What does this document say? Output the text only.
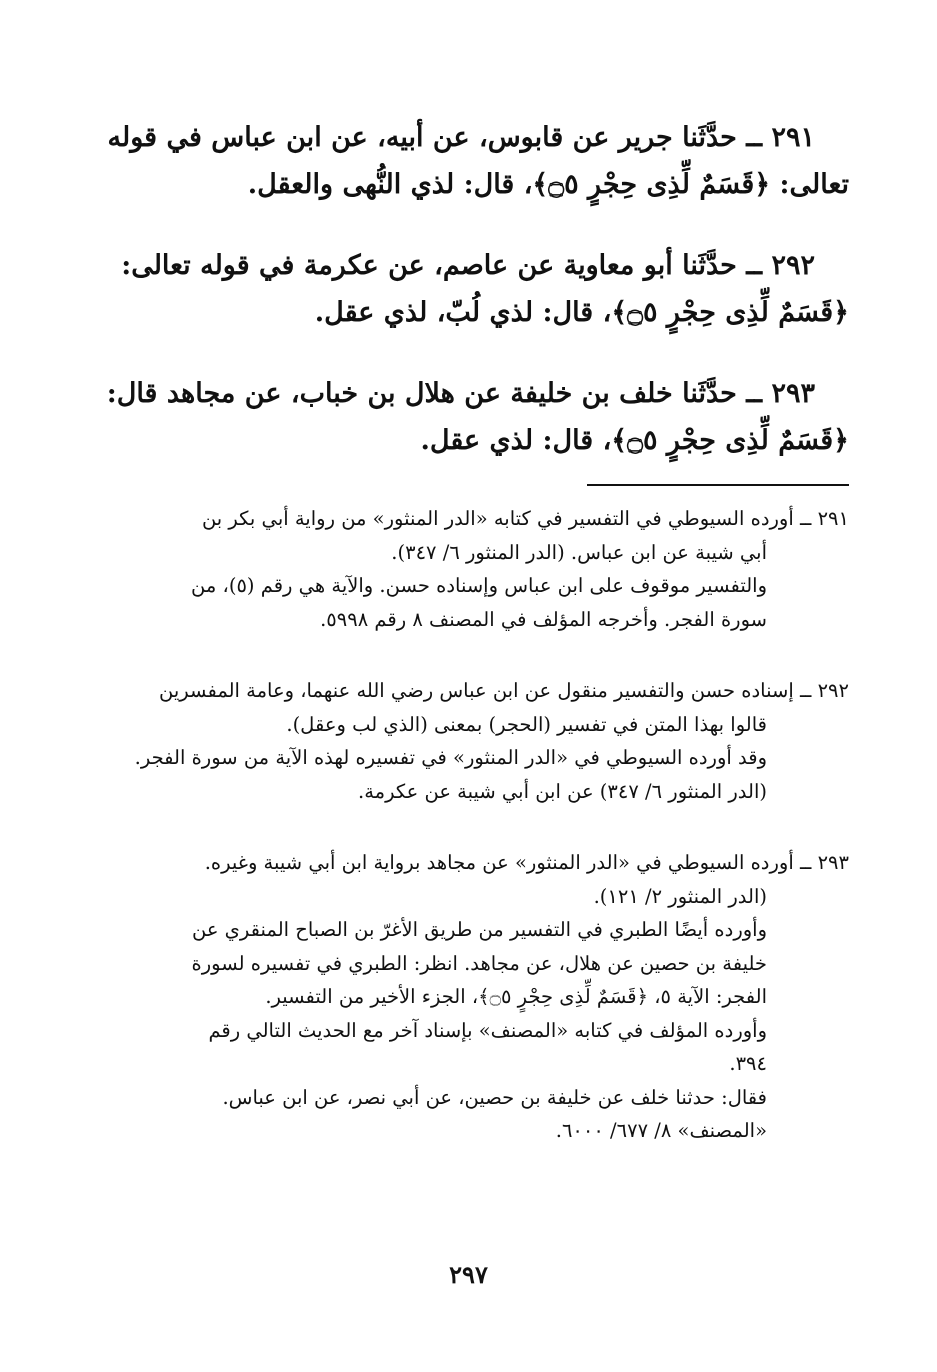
٢٩١ ــ حدَّثَنا جرير عن قابوس، عن أبيه، عن ابن عباس في قوله
تعالى: ﴿قَسَمٌ لِّذِى حِجْرٍ ۝٥﴾، قال: لذي النُّهى والعقل.
٢٩٢ ــ حدَّثَنا أبو معاوية عن عاصم، عن عكرمة في قوله تعالى:
﴿قَسَمٌ لِّذِى حِجْرٍ ۝٥﴾، قال: لذي لُبّ، لذي عقل.
٢٩٣ ــ حدَّثَنا خلف بن خليفة عن هلال بن خباب، عن مجاهد قال:
﴿قَسَمٌ لِّذِى حِجْرٍ ۝٥﴾، قال: لذي عقل.
٢٩١ ــ أورده السيوطي في التفسير في كتابه «الدر المنثور» من رواية أبي بكر بن
أبي شيبة عن ابن عباس. (الدر المنثور ٦/ ٣٤٧).
والتفسير موقوف على ابن عباس وإسناده حسن. والآية هي رقم (٥)، من
سورة الفجر. وأخرجه المؤلف في المصنف ٨ رقم ٥٩٩٨.
٢٩٢ ــ إسناده حسن والتفسير منقول عن ابن عباس رضي الله عنهما، وعامة المفسرين
قالوا بهذا المتن في تفسير (الحجر) بمعنى (الذي لب وعقل).
وقد أورده السيوطي في «الدر المنثور» في تفسيره لهذه الآية من سورة الفجر.
(الدر المنثور ٦/ ٣٤٧) عن ابن أبي شيبة عن عكرمة.
٢٩٣ ــ أورده السيوطي في «الدر المنثور» عن مجاهد برواية ابن أبي شيبة وغيره.
(الدر المنثور ٢/ ١٢١).
وأورده أيضًا الطبري في التفسير من طريق الأغرّ بن الصباح المنقري عن
خليفة بن حصين عن هلال، عن مجاهد. انظر: الطبري في تفسيره لسورة
الفجر: الآية ٥، ﴿قَسَمٌ لِّذِى حِجْرٍ ۝٥﴾، الجزء الأخير من التفسير.
وأورده المؤلف في كتابه «المصنف» بإسناد آخر مع الحديث التالي رقم
٣٩٤.
فقال: حدثنا خلف عن خليفة بن حصين، عن أبي نصر، عن ابن عباس.
«المصنف» ٨/ ٦٧٧/ ٦٠٠٠.
٢٩٧
